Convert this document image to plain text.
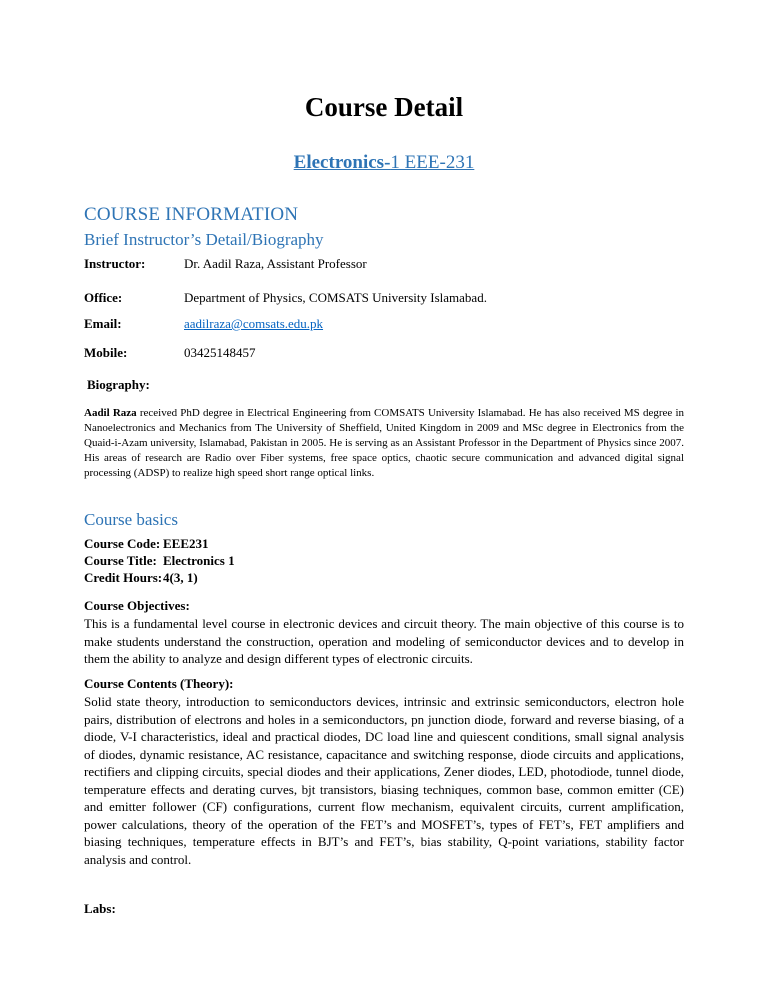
Course Detail
Electronics-1 EEE-231
COURSE INFORMATION
Brief Instructor’s Detail/Biography
Instructor:	Dr. Aadil Raza, Assistant Professor
Office:	Department of Physics, COMSATS University Islamabad.
Email:	aadilraza@comsats.edu.pk
Mobile:	03425148457
Biography:
Aadil Raza received PhD degree in Electrical Engineering from COMSATS University Islamabad. He has also received MS degree in Nanoelectronics and Mechanics from The University of Sheffield, United Kingdom in 2009 and MSc degree in Electronics from the Quaid-i-Azam university, Islamabad, Pakistan in 2005. He is serving as an Assistant Professor in the Department of Physics since 2007. His areas of research are Radio over Fiber systems, free space optics, chaotic secure communication and advanced digital signal processing (ADSP) to realize high speed short range optical links.
Course basics
Course Code: EEE231
Course Title: Electronics 1
Credit Hours:4(3, 1)
Course Objectives:
This is a fundamental level course in electronic devices and circuit theory. The main objective of this course is to make students understand the construction, operation and modeling of semiconductor devices and to develop in them the ability to analyze and design different types of electronic circuits.
Course Contents (Theory):
Solid state theory, introduction to semiconductors devices, intrinsic and extrinsic semiconductors, electron hole pairs, distribution of electrons and holes in a semiconductors, pn junction diode, forward and reverse biasing, of a diode, V-I characteristics, ideal and practical diodes, DC load line and quiescent conditions, small signal analysis of diodes, dynamic resistance, AC resistance, capacitance and switching response, diode circuits and applications, rectifiers and clipping circuits, special diodes and their applications, Zener diodes, LED, photodiode, tunnel diode, temperature effects and derating curves, bjt transistors, biasing techniques, common base, common emitter (CE) and emitter follower (CF) configurations, current flow mechanism, equivalent circuits, current amplification, power calculations, theory of the operation of the FET’s and MOSFET’s, types of FET’s, FET amplifiers and biasing techniques, temperature effects in BJT’s and FET’s, bias stability, Q-point variations, stability factor analysis and control.
Labs:
